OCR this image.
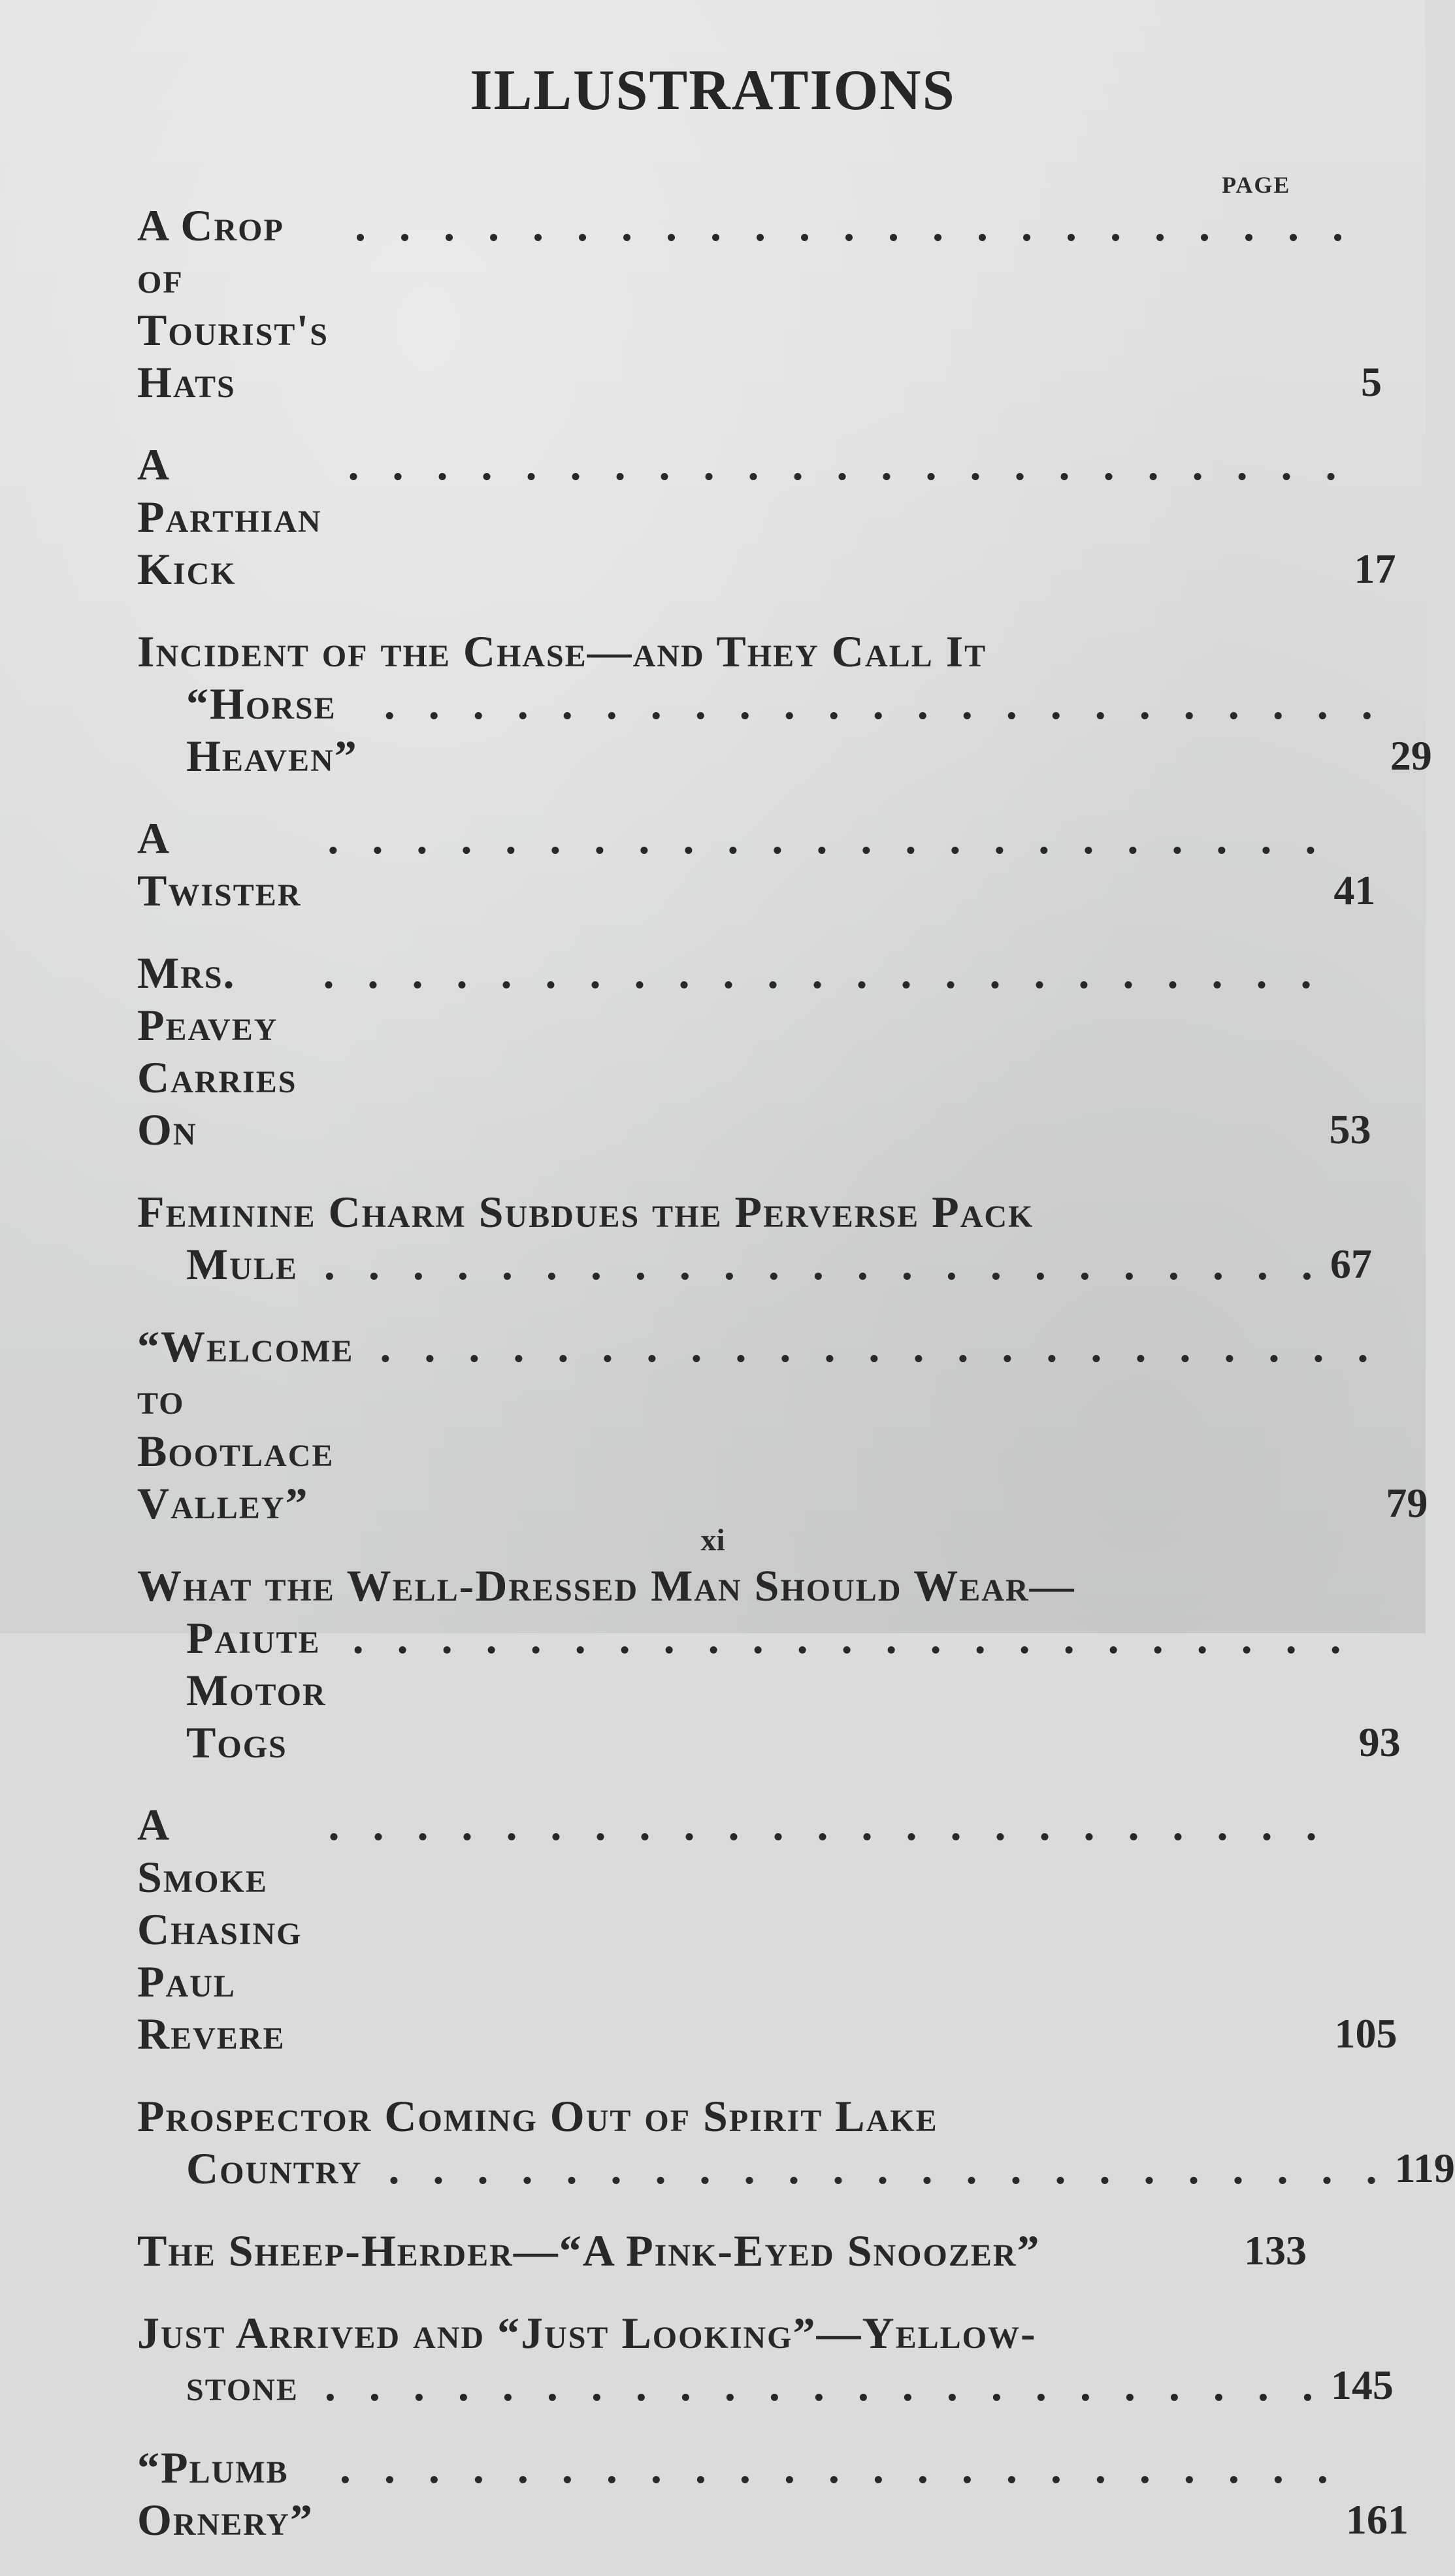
ILLUSTRATIONS
PAGE
A Crop of Tourist's Hats
. .	5
A Parthian Kick
. .	17
Incident of the Chase—and They Call It
“Horse Heaven”
. .	29
A Twister
. .	41
Mrs. Peavey Carries On
. .	53
Feminine Charm Subdues the Perverse Pack
Mule . .	67
“Welcome to Bootlace Valley”
. .	79
What the Well-Dressed Man Should Wear—
Paiute Motor Togs
. .	93
A Smoke Chasing Paul Revere
. .	105
Prospector Coming Out of Spirit Lake
Country . .	119
The Sheep-Herder—“A Pink-Eyed Snoozer”	133
Just Arrived and “Just Looking”—Yellow-
stone . .	145
“Plumb Ornery”
. .	161
xi
